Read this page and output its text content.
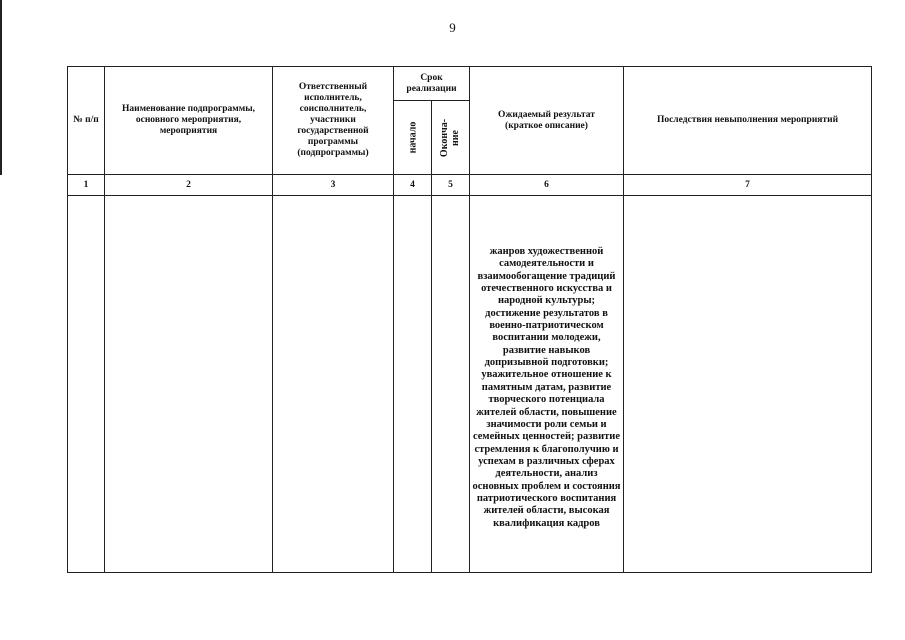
9
№ п/п	Наименование подпрограммы, основного мероприятия, мероприятия	Ответственный исполнитель, соисполнитель, участники государственной программы (подпрограммы)	Срок реализации		Ожидаемый результат (краткое описание)	Последствия невыполнения мероприятий

			начало	Оконча-ние		

1	2	3	4	5	6	7

					жанров художественной самодеятельности и взаимообогащение традиций отечественного искусства и народной культуры; достижение результатов в военно-патриотическом воспитании молодежи, развитие навыков допризывной подготовки; уважительное отношение к памятным датам, развитие творческого потенциала жителей области, повышение значимости роли семьи и семейных ценностей; развитие стремления к благополучию и успехам в различных сферах деятельности, анализ основных проблем и состояния патриотического воспитания жителей области, высокая квалификация кадров	
